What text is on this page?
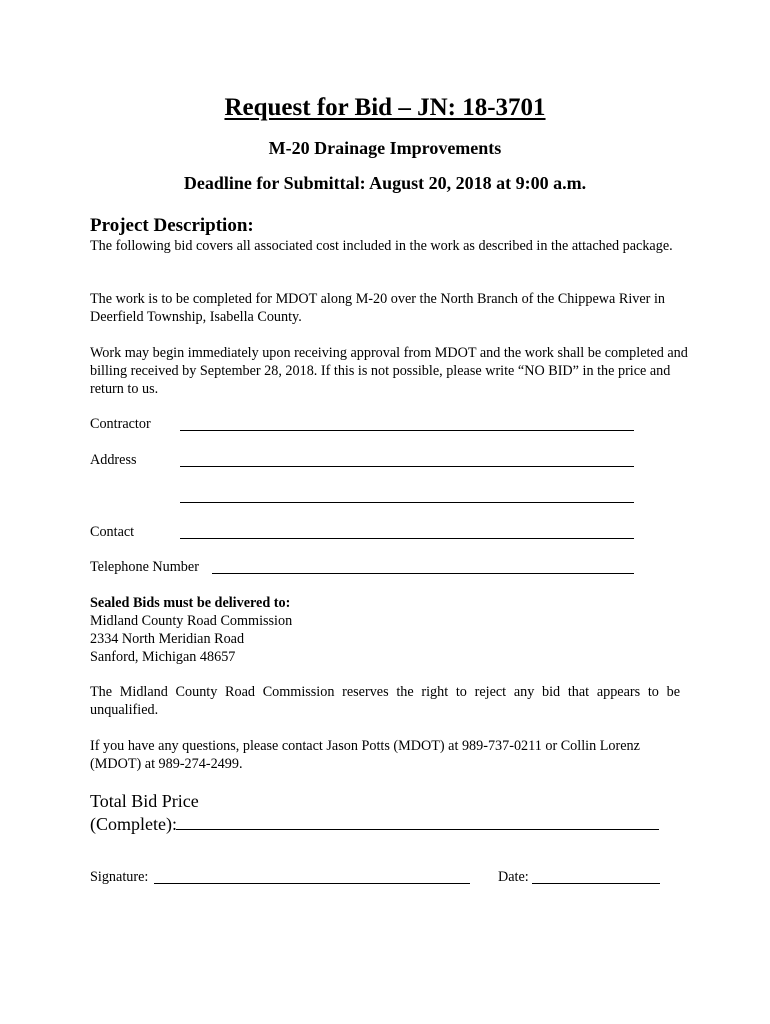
Request for Bid – JN: 18-3701
M-20 Drainage Improvements
Deadline for Submittal: August 20, 2018 at 9:00 a.m.
Project Description:

The following bid covers all associated cost included in the work as described in the attached package.

The work is to be completed for MDOT along M-20 over the North Branch of the Chippewa River in Deerfield Township, Isabella County.

Work may begin immediately upon receiving approval from MDOT and the work shall be completed and billing received by September 28, 2018. If this is not possible, please write “NO BID” in the price and return to us.

Contractor
Address
Contact
Telephone Number
Sealed Bids must be delivered to:
Midland County Road Commission
2334 North Meridian Road
Sanford, Michigan 48657

The Midland County Road Commission reserves the right to reject any bid that appears to be unqualified.

If you have any questions, please contact Jason Potts (MDOT) at 989-737-0211 or Collin Lorenz (MDOT) at 989-274-2499.

Total Bid Price
(Complete):
Signature:	Date:
